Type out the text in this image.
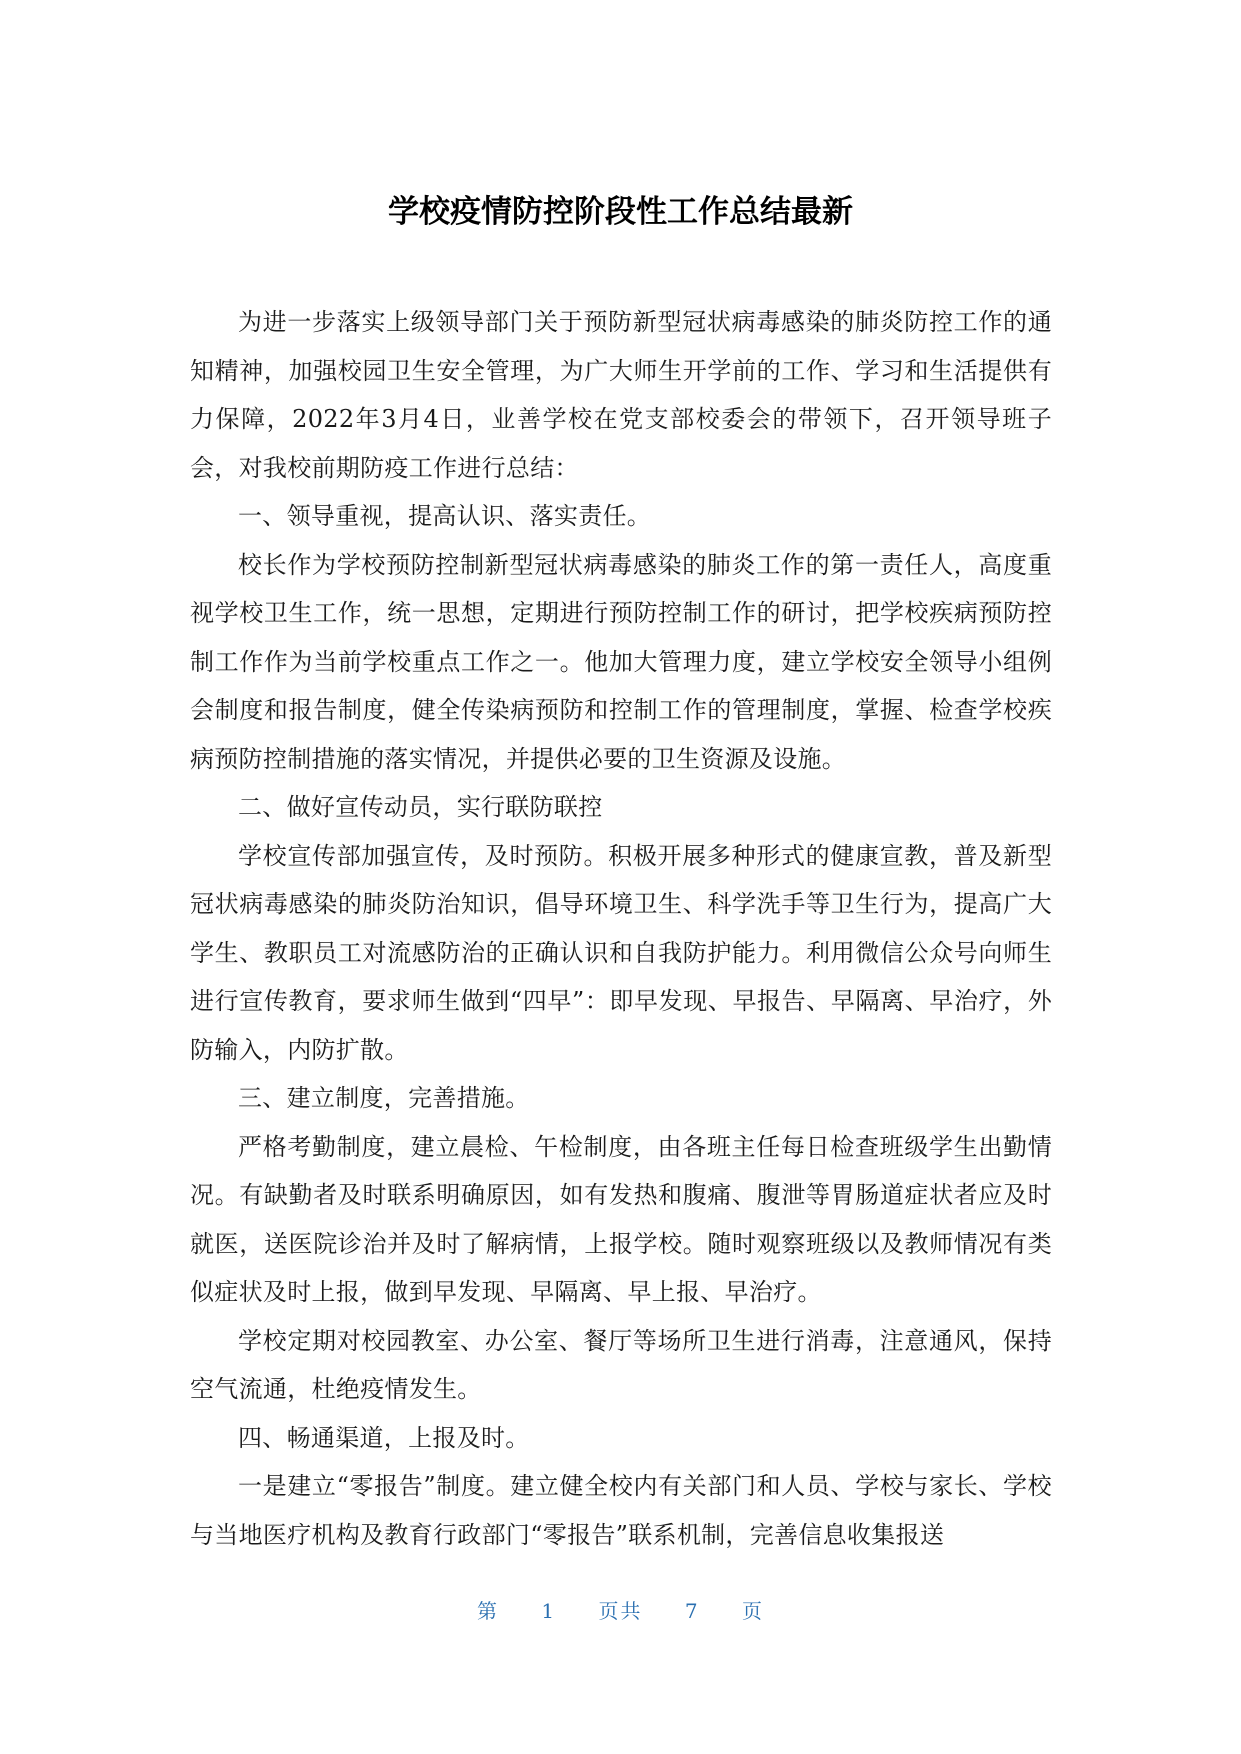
学校疫情防控阶段性工作总结最新

为进一步落实上级领导部门关于预防新型冠状病毒感染的肺炎防控工作的通知精神，加强校园卫生安全管理，为广大师生开学前的工作、学习和生活提供有力保障，2022年3月4日，业善学校在党支部校委会的带领下，召开领导班子会，对我校前期防疫工作进行总结：

一、领导重视，提高认识、落实责任。

校长作为学校预防控制新型冠状病毒感染的肺炎工作的第一责任人，高度重视学校卫生工作，统一思想，定期进行预防控制工作的研讨，把学校疾病预防控制工作作为当前学校重点工作之一。他加大管理力度，建立学校安全领导小组例会制度和报告制度，健全传染病预防和控制工作的管理制度，掌握、检查学校疾病预防控制措施的落实情况，并提供必要的卫生资源及设施。

二、做好宣传动员，实行联防联控

学校宣传部加强宣传，及时预防。积极开展多种形式的健康宣教，普及新型冠状病毒感染的肺炎防治知识，倡导环境卫生、科学洗手等卫生行为，提高广大学生、教职员工对流感防治的正确认识和自我防护能力。利用微信公众号向师生进行宣传教育，要求师生做到“四早”：即早发现、早报告、早隔离、早治疗，外防输入，内防扩散。

三、建立制度，完善措施。

严格考勤制度，建立晨检、午检制度，由各班主任每日检查班级学生出勤情况。有缺勤者及时联系明确原因，如有发热和腹痛、腹泄等胃肠道症状者应及时就医，送医院诊治并及时了解病情，上报学校。随时观察班级以及教师情况有类似症状及时上报，做到早发现、早隔离、早上报、早治疗。

学校定期对校园教室、办公室、餐厅等场所卫生进行消毒，注意通风，保持空气流通，杜绝疫情发生。

四、畅通渠道，上报及时。

一是建立“零报告”制度。建立健全校内有关部门和人员、学校与家长、学校与当地医疗机构及教育行政部门“零报告”联系机制，完善信息收集报送

第 1 页共 7 页
